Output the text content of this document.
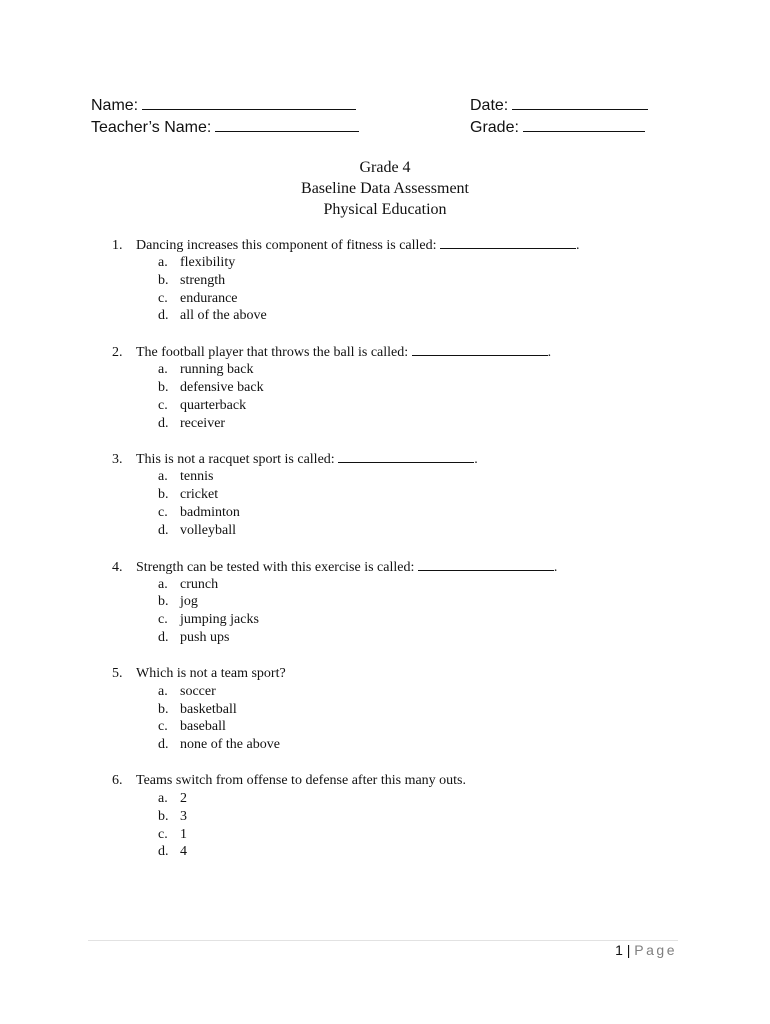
Name:
Teacher’s Name:
Date:
Grade:
Grade 4
Baseline Data Assessment
Physical Education
1. Dancing increases this component of fitness is called:	.
a. flexibility
b. strength
c. endurance
d. all of the above
2. The football player that throws the ball is called:	.
a. running back
b. defensive back
c. quarterback
d. receiver
3. This is not a racquet sport is called:	.
a. tennis
b. cricket
c. badminton
d. volleyball
4. Strength can be tested with this exercise is called:	.
a. crunch
b. jog
c. jumping jacks
d. push ups
5. Which is not a team sport?
a. soccer
b. basketball
c. baseball
d. none of the above
6. Teams switch from offense to defense after this many outs.
a. 2
b. 3
c. 1
d. 4
1 | Page
